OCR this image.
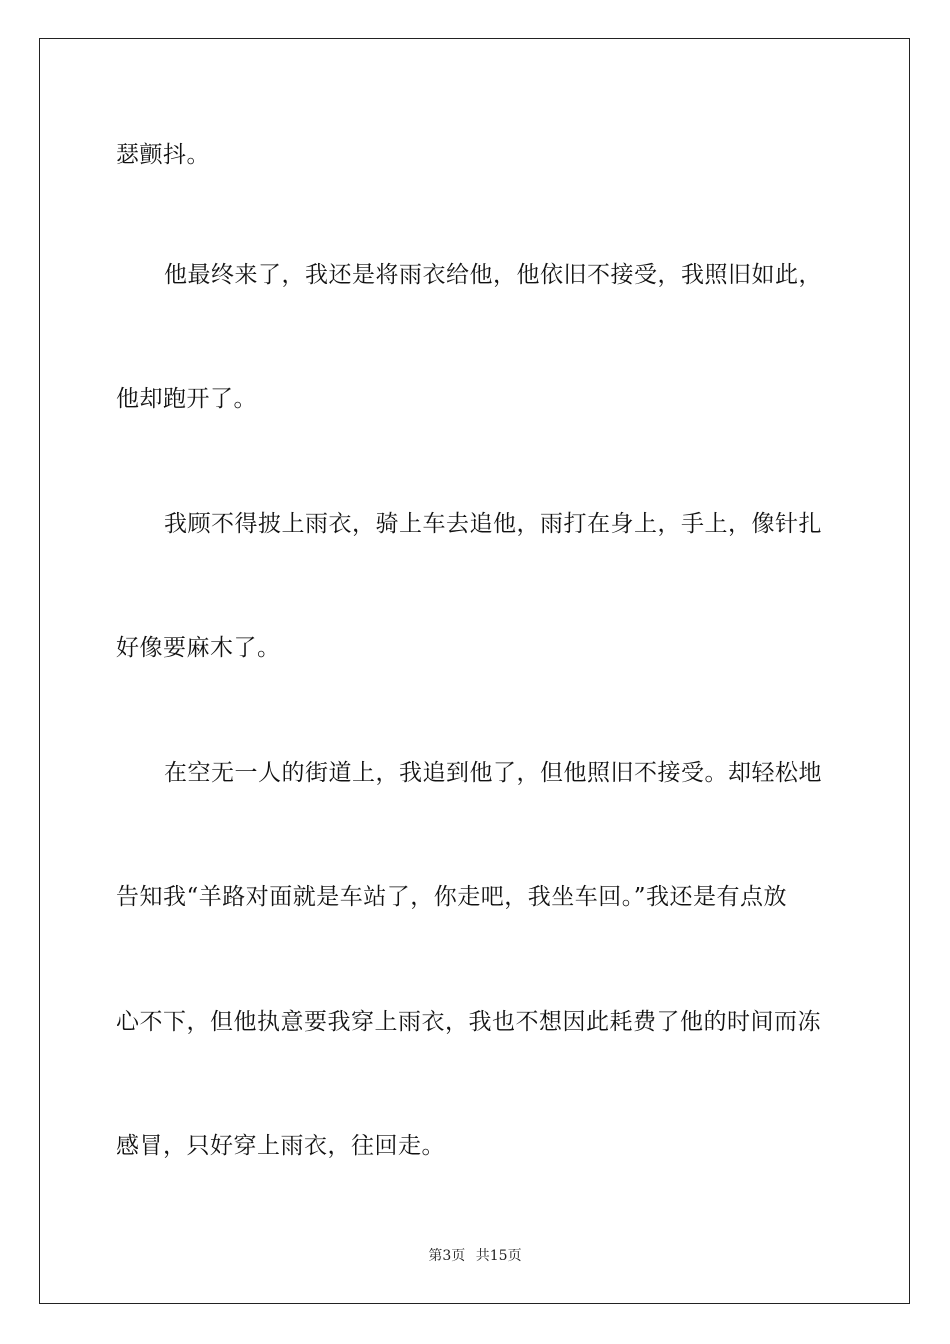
瑟颤抖。
他最终来了，我还是将雨衣给他，他依旧不接受，我照旧如此，
他却跑开了。
我顾不得披上雨衣，骑上车去追他，雨打在身上，手上，像针扎
好像要麻木了。
在空无一人的街道上，我追到他了，但他照旧不接受。却轻松地
告知我“羊路对面就是车站了，你走吧，我坐车回。”我还是有点放
心不下，但他执意要我穿上雨衣，我也不想因此耗费了他的时间而冻
感冒，只好穿上雨衣，往回走。
第3页 共15页
